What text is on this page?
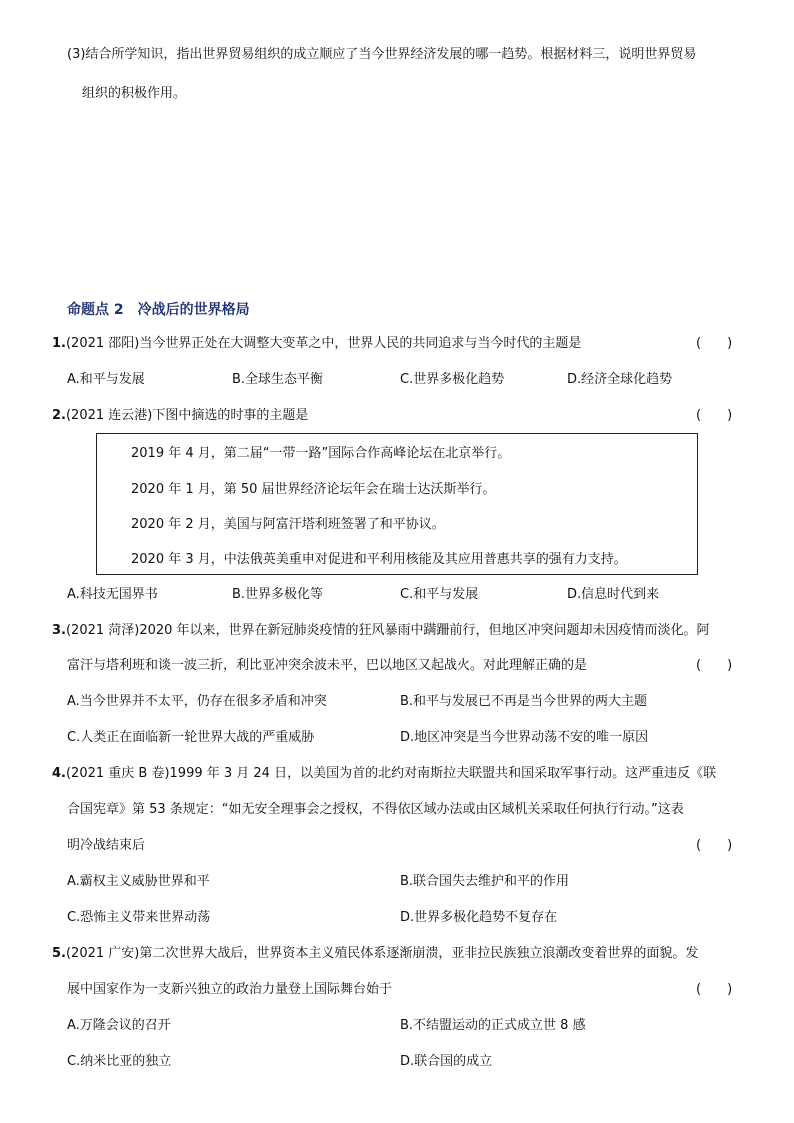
(3)结合所学知识，指出世界贸易组织的成立顺应了当今世界经济发展的哪一趋势。根据材料三，说明世界贸易
组织的积极作用。
命题点 2 冷战后的世界格局
1.(2021 邵阳)当今世界正处在大调整大变革之中，世界人民的共同追求与当今时代的主题是	(　　)
A.和平与发展	B.全球生态平衡	C.世界多极化趋势	D.经济全球化趋势
2.(2021 连云港)下图中摘选的时事的主题是	(　　)
2019 年 4 月，第二届“一带一路”国际合作高峰论坛在北京举行。
2020 年 1 月，第 50 届世界经济论坛年会在瑞士达沃斯举行。
2020 年 2 月，美国与阿富汗塔利班签署了和平协议。
2020 年 3 月，中法俄英美重申对促进和平利用核能及其应用普惠共享的强有力支持。
A.科技无国界书	B.世界多极化等	C.和平与发展	D.信息时代到来
3.(2021 菏泽)2020 年以来，世界在新冠肺炎疫情的狂风暴雨中蹒跚前行，但地区冲突问题却未因疫情而淡化。阿
富汗与塔利班和谈一波三折，利比亚冲突余波未平，巴以地区又起战火。对此理解正确的是	(　　)
A.当今世界并不太平，仍存在很多矛盾和冲突	B.和平与发展已不再是当今世界的两大主题
C.人类正在面临新一轮世界大战的严重威胁	D.地区冲突是当今世界动荡不安的唯一原因
4.(2021 重庆 B 卷)1999 年 3 月 24 日，以美国为首的北约对南斯拉夫联盟共和国采取军事行动。这严重违反《联
合国宪章》第 53 条规定：“如无安全理事会之授权，不得依区域办法或由区域机关采取任何执行行动。”这表
明冷战结束后	(　　)
A.霸权主义威胁世界和平	B.联合国失去维护和平的作用
C.恐怖主义带来世界动荡	D.世界多极化趋势不复存在
5.(2021 广安)第二次世界大战后，世界资本主义殖民体系逐渐崩溃，亚非拉民族独立浪潮改变着世界的面貌。发
展中国家作为一支新兴独立的政治力量登上国际舞台始于	(　　)
A.万隆会议的召开	B.不结盟运动的正式成立世 8 感
C.纳米比亚的独立	D.联合国的成立
